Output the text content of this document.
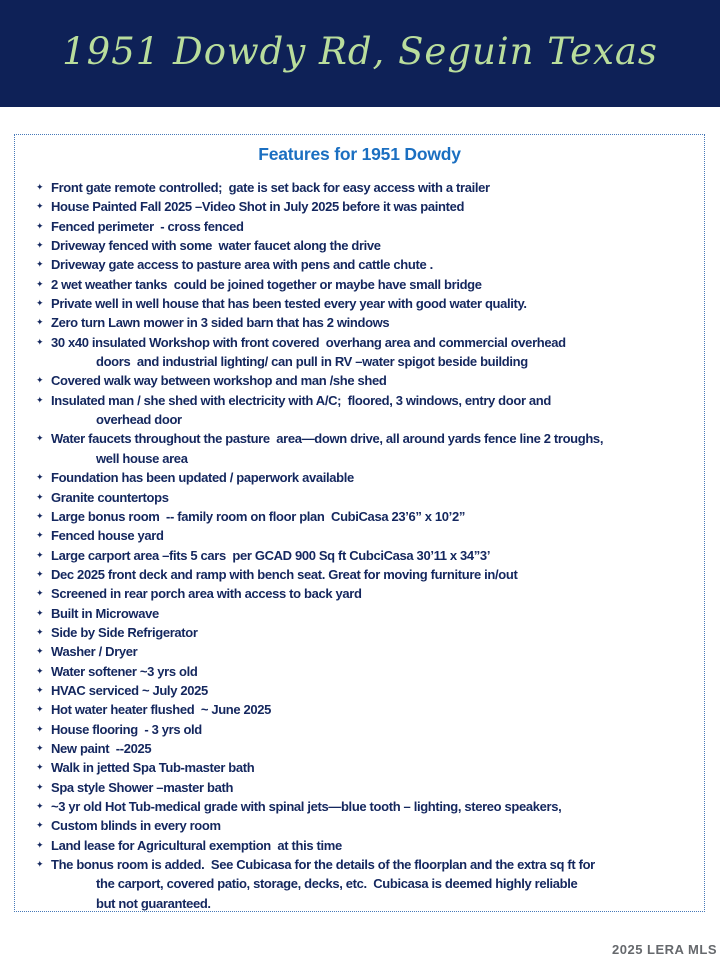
1951 Dowdy Rd, Seguin Texas
Features for 1951 Dowdy
✦ Front gate remote controlled;  gate is set back for easy access with a trailer
✦ House Painted Fall 2025 –Video Shot in July 2025 before it was painted
✦ Fenced perimeter  - cross fenced
✦ Driveway fenced with some  water faucet along the drive
✦ Driveway gate access to pasture area with pens and cattle chute .
✦ 2 wet weather tanks  could be joined together or maybe have small bridge
✦ Private well in well house that has been tested every year with good water quality.
✦ Zero turn Lawn mower in 3 sided barn that has 2 windows
✦ 30 x40 insulated Workshop with front covered  overhang area and commercial overhead
doors  and industrial lighting/ can pull in RV –water spigot beside building
✦ Covered walk way between workshop and man /she shed
✦ Insulated man / she shed with electricity with A/C;  floored, 3 windows, entry door and
overhead door
✦ Water faucets throughout the pasture  area—down drive, all around yards fence line 2 troughs,
well house area
✦ Foundation has been updated / paperwork available
✦ Granite countertops
✦ Large bonus room  -- family room on floor plan  CubiCasa 23’6” x 10’2”
✦ Fenced house yard
✦ Large carport area –fits 5 cars  per GCAD 900 Sq ft CubciCasa 30’11 x 34”3’
✦ Dec 2025 front deck and ramp with bench seat. Great for moving furniture in/out
✦ Screened in rear porch area with access to back yard
✦ Built in Microwave
✦ Side by Side Refrigerator
✦ Washer / Dryer
✦ Water softener ~3 yrs old
✦ HVAC serviced ~ July 2025
✦ Hot water heater flushed  ~ June 2025
✦ House flooring  - 3 yrs old
✦ New paint  --2025
✦ Walk in jetted Spa Tub-master bath
✦ Spa style Shower –master bath
✦ ~3 yr old Hot Tub-medical grade with spinal jets—blue tooth – lighting, stereo speakers,
✦ Custom blinds in every room
✦ Land lease for Agricultural exemption  at this time
✦ The bonus room is added.  See Cubicasa for the details of the floorplan and the extra sq ft for
the carport, covered patio, storage, decks, etc.  Cubicasa is deemed highly reliable
but not guaranteed.
2025 LERA MLS
